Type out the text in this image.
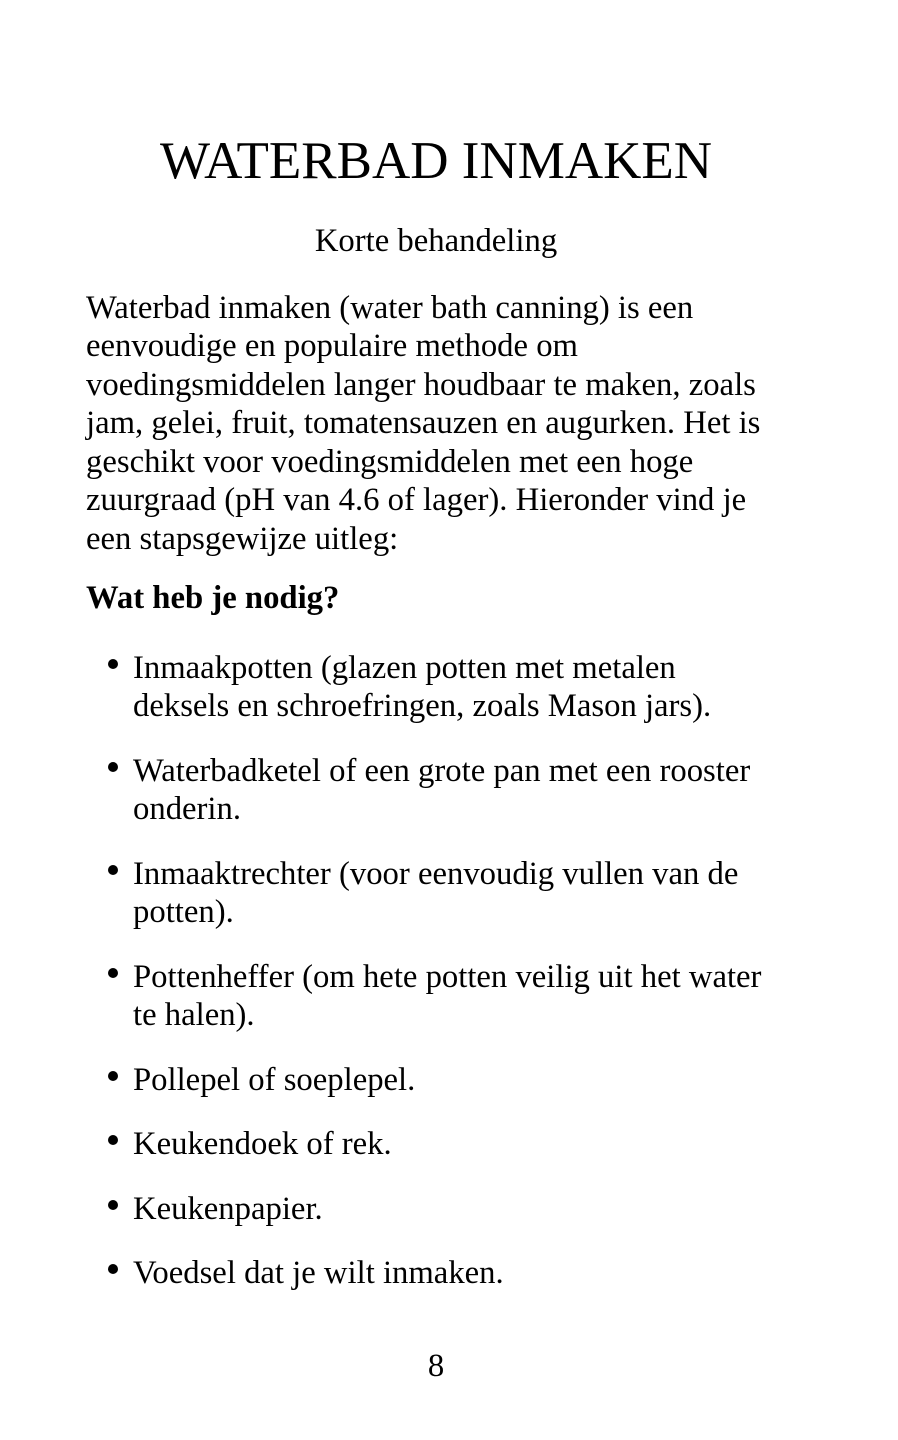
WATERBAD INMAKEN
Korte behandeling

Waterbad inmaken (water bath canning) is een eenvoudige en populaire methode om voedingsmiddelen langer houdbaar te maken, zoals jam, gelei, fruit, tomatensauzen en augurken. Het is geschikt voor voedingsmiddelen met een hoge zuurgraad (pH van 4.6 of lager). Hieronder vind je een stapsgewijze uitleg:

Wat heb je nodig?
Inmaakpotten (glazen potten met metalen deksels en schroefringen, zoals Mason jars).
Waterbadketel of een grote pan met een rooster onderin.
Inmaaktrechter (voor eenvoudig vullen van de potten).
Pottenheffer (om hete potten veilig uit het water te halen).
Pollepel of soeplepel.
Keukendoek of rek.
Keukenpapier.
Voedsel dat je wilt inmaken.
8
